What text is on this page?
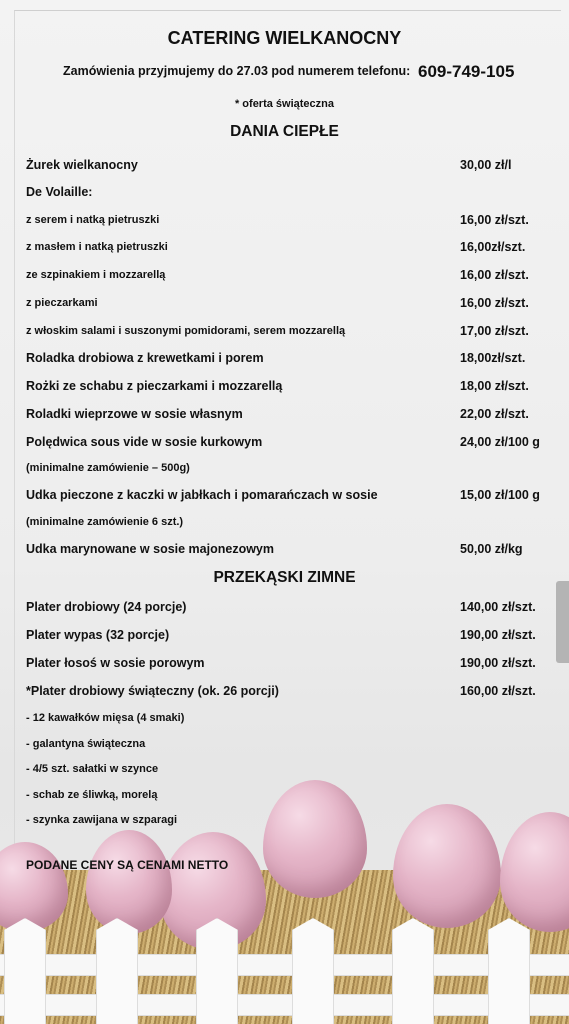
CATERING WIELKANOCNY
Zamówienia przyjmujemy do 27.03 pod numerem telefonu: 609-749-105
* oferta świąteczna
DANIA CIEPŁE
Żurek wielkanocny	30,00 zł/l
De Volaille:
z serem i natką pietruszki	16,00 zł/szt.
z masłem i natką pietruszki	16,00zł/szt.
ze szpinakiem i mozzarellą	16,00 zł/szt.
z pieczarkami	16,00 zł/szt.
z włoskim salami i suszonymi pomidorami, serem mozzarellą	17,00 zł/szt.
Roladka drobiowa z krewetkami i porem	18,00zł/szt.
Rożki ze schabu z pieczarkami i mozzarellą	18,00 zł/szt.
Roladki wieprzowe w sosie własnym	22,00 zł/szt.
Polędwica sous vide w sosie kurkowym	24,00 zł/100 g
(minimalne zamówienie – 500g)
Udka pieczone z kaczki w jabłkach i pomarańczach w sosie	15,00 zł/100 g
(minimalne zamówienie 6 szt.)
Udka marynowane w sosie majonezowym	50,00 zł/kg
PRZEKĄSKI ZIMNE
Plater drobiowy (24 porcje)	140,00 zł/szt.
Plater wypas (32 porcje)	190,00 zł/szt.
Plater łosoś w sosie porowym	190,00 zł/szt.
*Plater drobiowy świąteczny (ok. 26 porcji)	160,00 zł/szt.
- 12 kawałków mięsa (4 smaki)
- galantyna świąteczna
- 4/5 szt. sałatki w szynce
- schab ze śliwką, morelą
- szynka zawijana w szparagi
PODANE CENY SĄ CENAMI NETTO
